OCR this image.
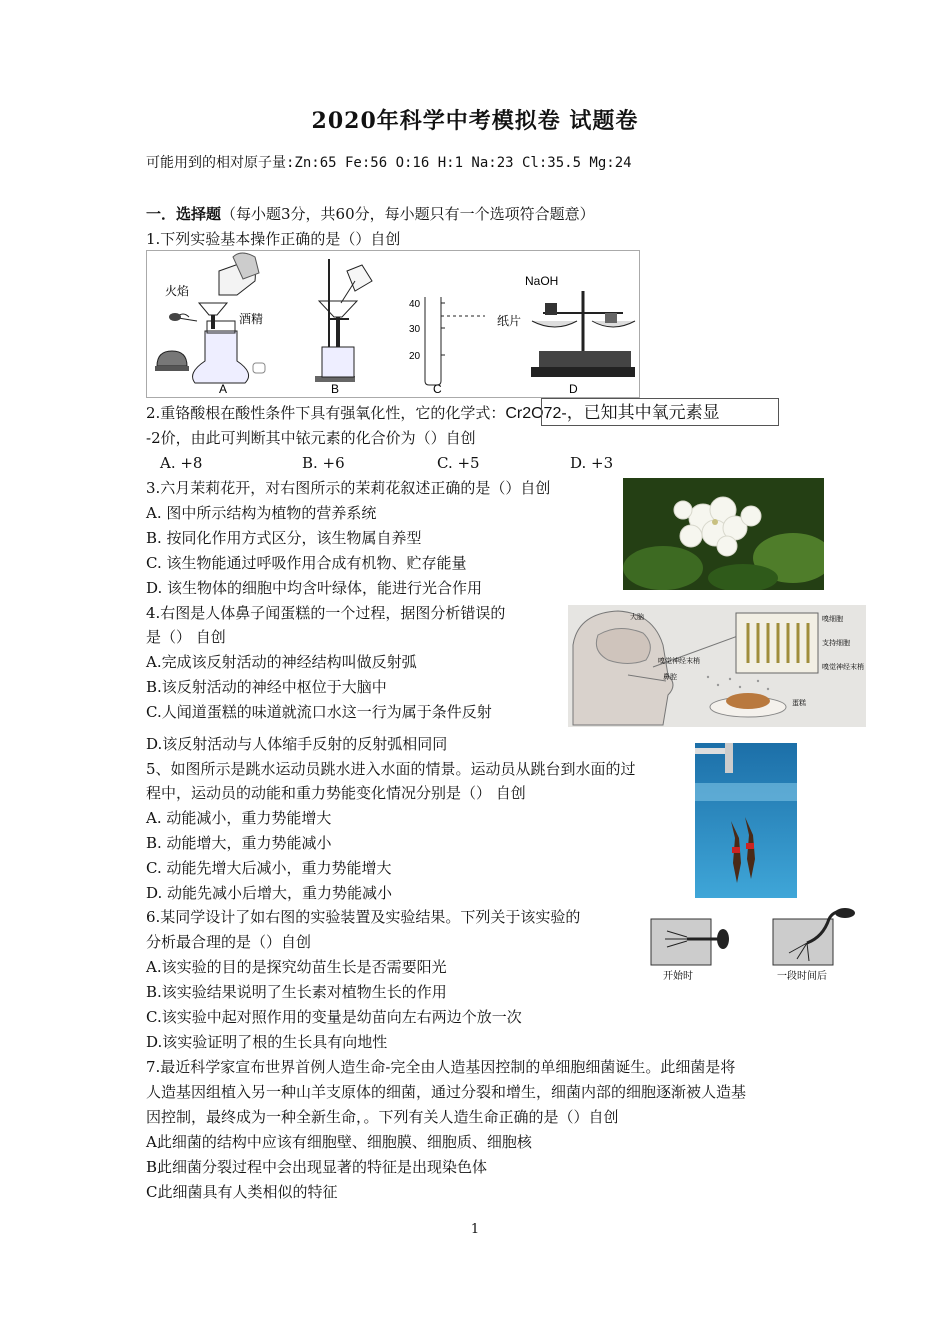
2020年科学中考模拟卷 试题卷
可能用到的相对原子量:Zn:65 Fe:56 O:16 H:1 Na:23 Cl:35.5 Mg:24
一．选择题（每小题3分，共60分，每小题只有一个选项符合题意）
1.下列实验基本操作正确的是（）自创
A
火焰
酒精
B
40
30
20
C
NaOH
纸片
D
2.重铬酸根在酸性条件下具有强氧化性，它的化学式：Cr2O72-，已知其中氧元素显
-2价，由此可判断其中铱元素的化合价为（）自创
A. +8	B. +6	C. +5	D. +3
3.六月茉莉花开，对右图所示的茉莉花叙述正确的是（）自创
A. 图中所示结构为植物的营养系统
B. 按同化作用方式区分，该生物属自养型
C. 该生物能通过呼吸作用合成有机物、贮存能量
D. 该生物体的细胞中均含叶绿体，能进行光合作用
4.右图是人体鼻子闻蛋糕的一个过程，据图分析错误的
是（） 自创
A.完成该反射活动的神经结构叫做反射弧
B.该反射活动的神经中枢位于大脑中
C.人闻道蛋糕的味道就流口水这一行为属于条件反射
D.该反射活动与人体缩手反射的反射弧相同同
大脑
嗅觉神经末梢
鼻腔
蛋糕
嗅细胞
支持细胞
嗅觉神经末梢
5、如图所示是跳水运动员跳水进入水面的情景。运动员从跳台到水面的过
程中，运动员的动能和重力势能变化情况分别是（） 自创
A. 动能减小，重力势能增大
B. 动能增大，重力势能减小
C. 动能先增大后减小，重力势能增大
D. 动能先减小后增大，重力势能减小
6.某同学设计了如右图的实验装置及实验结果。下列关于该实验的
分析最合理的是（）自创
A.该实验的目的是探究幼苗生长是否需要阳光
B.该实验结果说明了生长素对植物生长的作用
C.该实验中起对照作用的变量是幼苗向左右两边个放一次
D.该实验证明了根的生长具有向地性
开始时	一段时间后
7.最近科学家宣布世界首例人造生命-完全由人造基因控制的单细胞细菌诞生。此细菌是将
人造基因组植入另一种山羊支原体的细菌，通过分裂和增生，细菌内部的细胞逐渐被人造基
因控制，最终成为一种全新生命，。下列有关人造生命正确的是（）自创
A此细菌的结构中应该有细胞壁、细胞膜、细胞质、细胞核
B此细菌分裂过程中会出现显著的特征是出现染色体
C此细菌具有人类相似的特征
1
